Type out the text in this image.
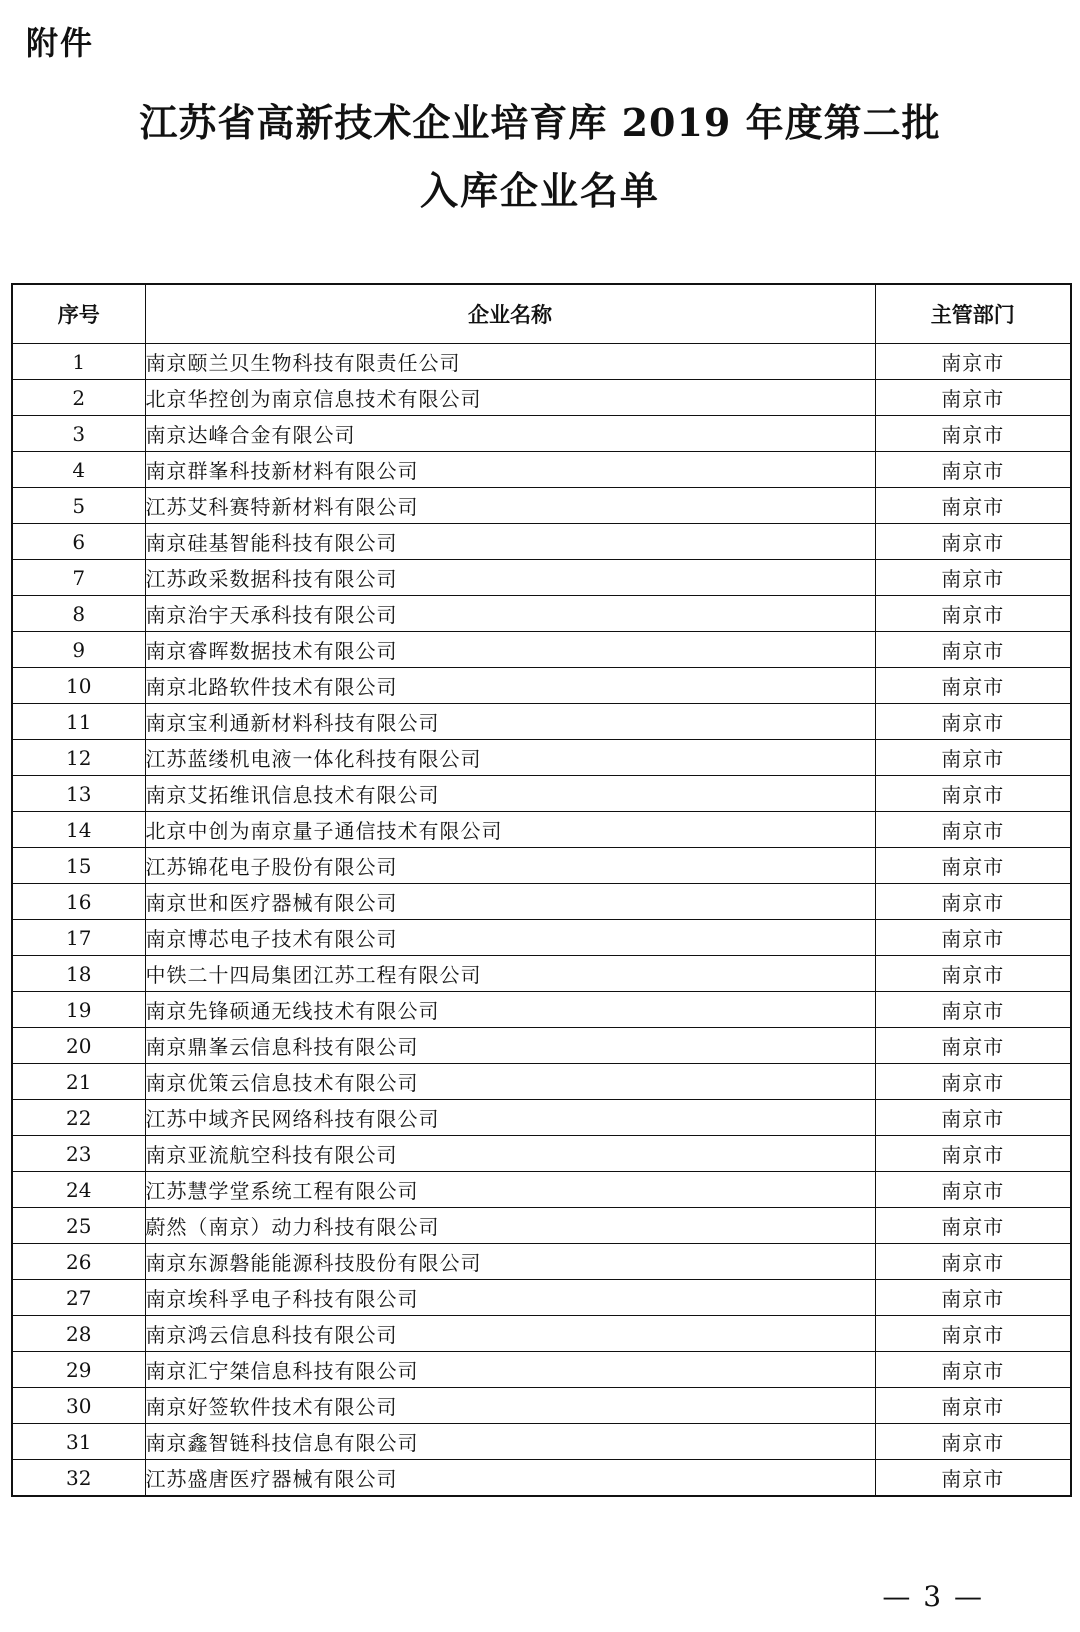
附件
江苏省高新技术企业培育库 2019 年度第二批
入库企业名单
序号	企业名称	主管部门
1	南京颐兰贝生物科技有限责任公司	南京市
2	北京华控创为南京信息技术有限公司	南京市
3	南京达峰合金有限公司	南京市
4	南京群峯科技新材料有限公司	南京市
5	江苏艾科赛特新材料有限公司	南京市
6	南京硅基智能科技有限公司	南京市
7	江苏政采数据科技有限公司	南京市
8	南京治宇天承科技有限公司	南京市
9	南京睿晖数据技术有限公司	南京市
10	南京北路软件技术有限公司	南京市
11	南京宝利通新材料科技有限公司	南京市
12	江苏蓝缕机电液一体化科技有限公司	南京市
13	南京艾拓维讯信息技术有限公司	南京市
14	北京中创为南京量子通信技术有限公司	南京市
15	江苏锦花电子股份有限公司	南京市
16	南京世和医疗器械有限公司	南京市
17	南京博芯电子技术有限公司	南京市
18	中铁二十四局集团江苏工程有限公司	南京市
19	南京先锋硕通无线技术有限公司	南京市
20	南京鼎峯云信息科技有限公司	南京市
21	南京优策云信息技术有限公司	南京市
22	江苏中域齐民网络科技有限公司	南京市
23	南京亚流航空科技有限公司	南京市
24	江苏慧学堂系统工程有限公司	南京市
25	蔚然（南京）动力科技有限公司	南京市
26	南京东源磐能能源科技股份有限公司	南京市
27	南京埃科孚电子科技有限公司	南京市
28	南京鸿云信息科技有限公司	南京市
29	南京汇宁桀信息科技有限公司	南京市
30	南京好签软件技术有限公司	南京市
31	南京鑫智链科技信息有限公司	南京市
32	江苏盛唐医疗器械有限公司	南京市
— 3 —
